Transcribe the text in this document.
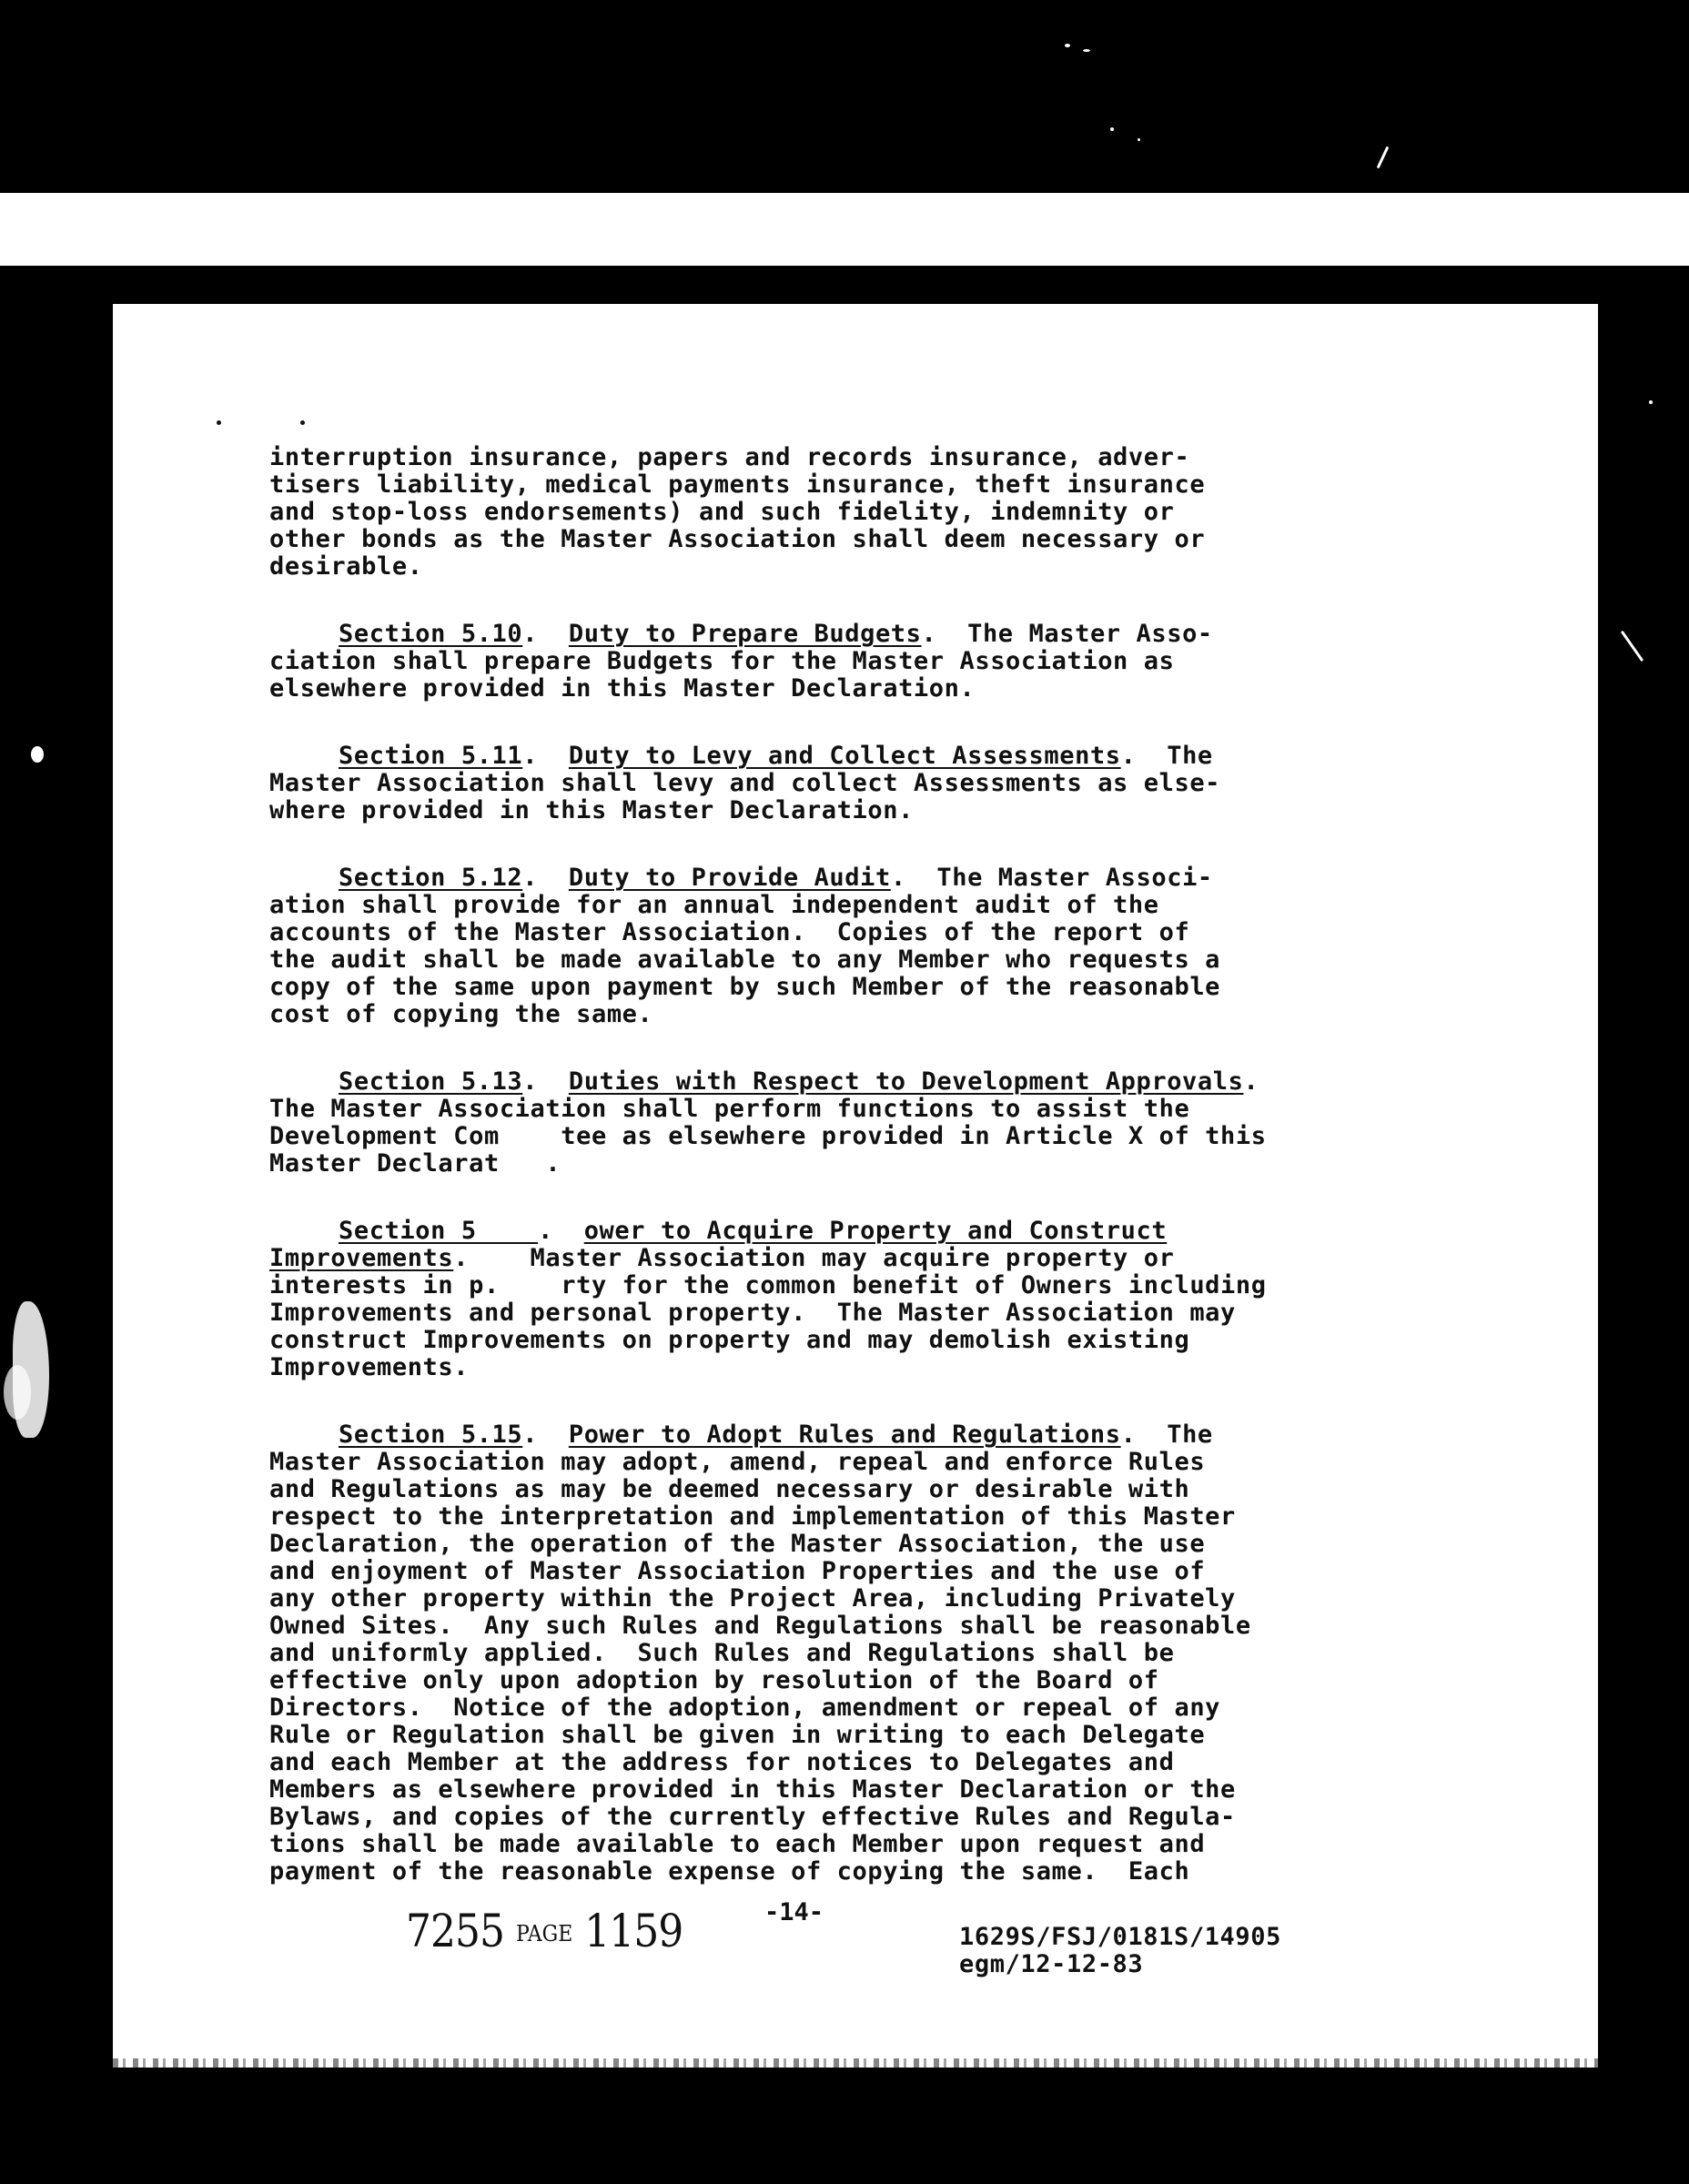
interruption insurance, papers and records insurance, adver-
tisers liability, medical payments insurance, theft insurance
and stop-loss endorsements) and such fidelity, indemnity or
other bonds as the Master Association shall deem necessary or
desirable.
Section 5.10.  Duty to Prepare Budgets.  The Master Asso-
ciation shall prepare Budgets for the Master Association as
elsewhere provided in this Master Declaration.
Section 5.11.  Duty to Levy and Collect Assessments.  The
Master Association shall levy and collect Assessments as else-
where provided in this Master Declaration.
Section 5.12.  Duty to Provide Audit.  The Master Associ-
ation shall provide for an annual independent audit of the
accounts of the Master Association.  Copies of the report of
the audit shall be made available to any Member who requests a
copy of the same upon payment by such Member of the reasonable
cost of copying the same.
Section 5.13.  Duties with Respect to Development Approvals.
The Master Association shall perform functions to assist the
Development Com    tee as elsewhere provided in Article X of this
Master Declarat   .
Section 5    .  ower to Acquire Property and Construct
Improvements.    Master Association may acquire property or
interests in p.    rty for the common benefit of Owners including
Improvements and personal property.  The Master Association may
construct Improvements on property and may demolish existing
Improvements.
Section 5.15.  Power to Adopt Rules and Regulations.  The
Master Association may adopt, amend, repeal and enforce Rules
and Regulations as may be deemed necessary or desirable with
respect to the interpretation and implementation of this Master
Declaration, the operation of the Master Association, the use
and enjoyment of Master Association Properties and the use of
any other property within the Project Area, including Privately
Owned Sites.  Any such Rules and Regulations shall be reasonable
and uniformly applied.  Such Rules and Regulations shall be
effective only upon adoption by resolution of the Board of
Directors.  Notice of the adoption, amendment or repeal of any
Rule or Regulation shall be given in writing to each Delegate
and each Member at the address for notices to Delegates and
Members as elsewhere provided in this Master Declaration or the
Bylaws, and copies of the currently effective Rules and Regula-
tions shall be made available to each Member upon request and
payment of the reasonable expense of copying the same.  Each
7255 PAGE 1159	-14-
1629S/FSJ/0181S/14905
egm/12-12-83
